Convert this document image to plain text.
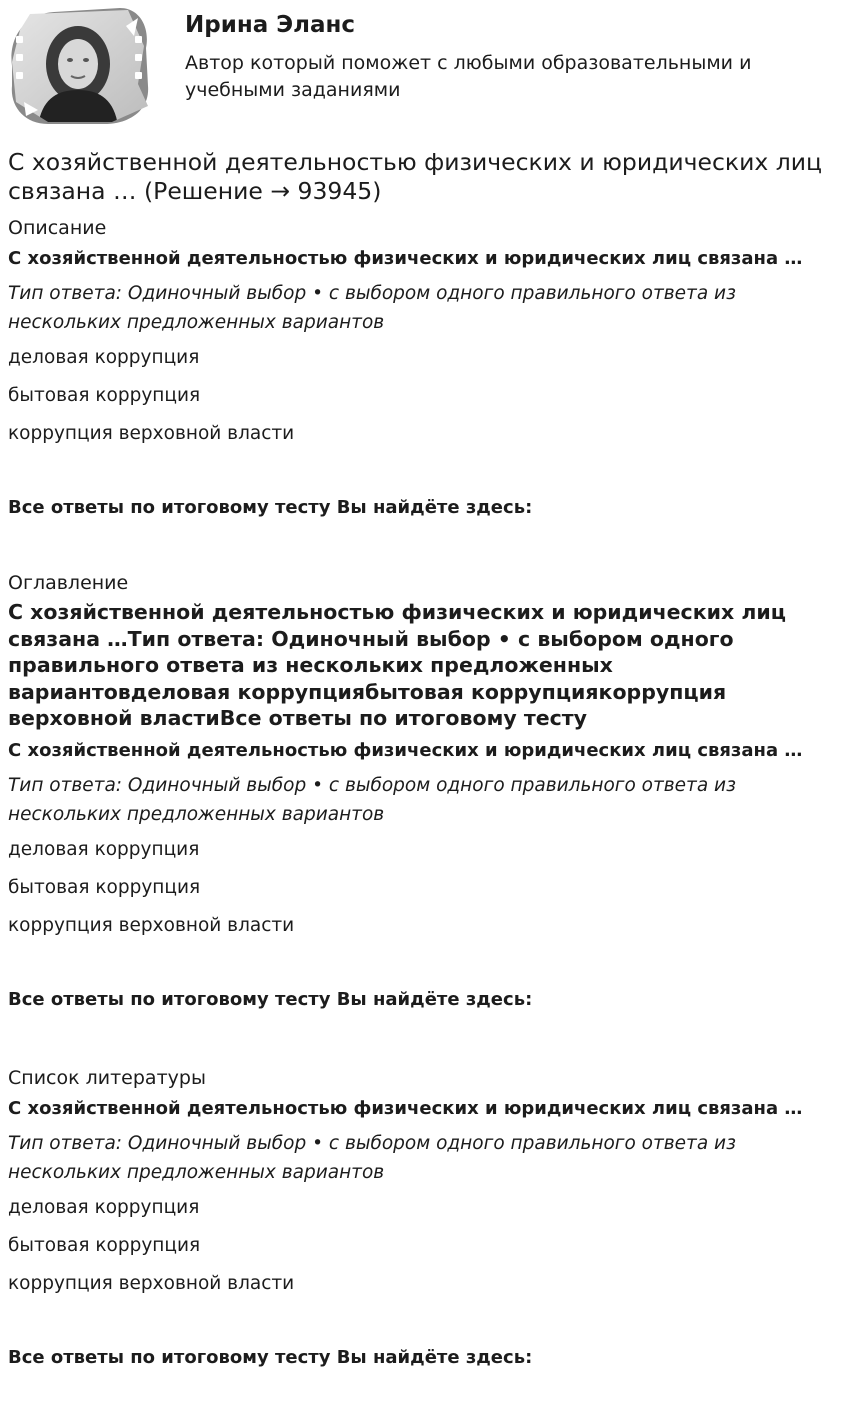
Ирина Эланс
Автор который поможет с любыми образовательными и учебными заданиями
С хозяйственной деятельностью физических и юридических лиц связана … (Решение → 93945)
Описание
С хозяйственной деятельностью физических и юридических лиц связана …
Тип ответа: Одиночный выбор • с выбором одного правильного ответа из нескольких предложенных вариантов
деловая коррупция
бытовая коррупция
коррупция верховной власти
Все ответы по итоговому тесту Вы найдёте здесь:
Оглавление
С хозяйственной деятельностью физических и юридических лиц связана …Тип ответа: Одиночный выбор • с выбором одного правильного ответа из нескольких предложенных вариантовделовая коррупциябытовая коррупциякоррупция верховной властиВсе ответы по итоговому тесту
С хозяйственной деятельностью физических и юридических лиц связана …
Тип ответа: Одиночный выбор • с выбором одного правильного ответа из нескольких предложенных вариантов
деловая коррупция
бытовая коррупция
коррупция верховной власти
Все ответы по итоговому тесту Вы найдёте здесь:
Список литературы
С хозяйственной деятельностью физических и юридических лиц связана …
Тип ответа: Одиночный выбор • с выбором одного правильного ответа из нескольких предложенных вариантов
деловая коррупция
бытовая коррупция
коррупция верховной власти
Все ответы по итоговому тесту Вы найдёте здесь:
